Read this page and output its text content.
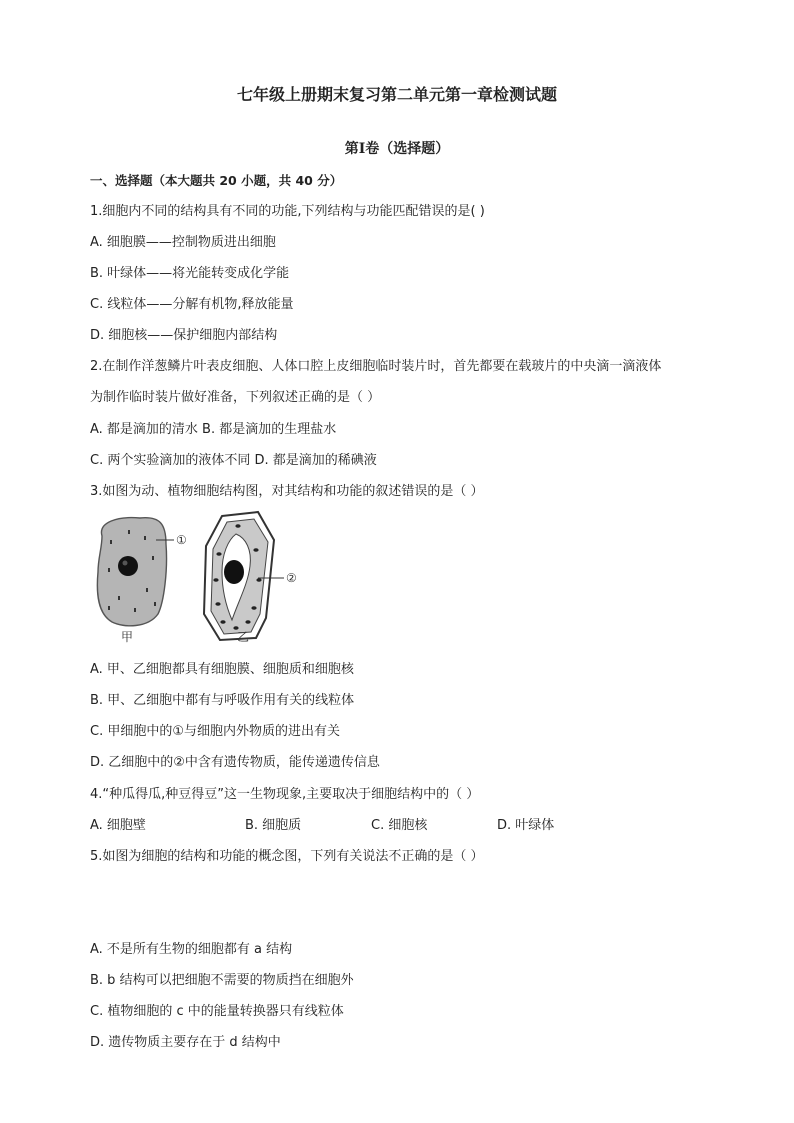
七年级上册期末复习第二单元第一章检测试题
第Ⅰ卷（选择题）
一、选择题（本大题共 20 小题，共 40 分）
1.细胞内不同的结构具有不同的功能,下列结构与功能匹配错误的是( )
A. 细胞膜——控制物质进出细胞
B. 叶绿体——将光能转变成化学能
C. 线粒体——分解有机物,释放能量
D. 细胞核——保护细胞内部结构
2.在制作洋葱鳞片叶表皮细胞、人体口腔上皮细胞临时装片时，首先都要在载玻片的中央滴一滴液体
为制作临时装片做好准备，下列叙述正确的是（ ）
A. 都是滴加的清水 B. 都是滴加的生理盐水
C. 两个实验滴加的液体不同 D. 都是滴加的稀碘液
3.如图为动、植物细胞结构图，对其结构和功能的叙述错误的是（ ）
①
②
甲	乙
A. 甲、乙细胞都具有细胞膜、细胞质和细胞核
B. 甲、乙细胞中都有与呼吸作用有关的线粒体
C. 甲细胞中的①与细胞内外物质的进出有关
D. 乙细胞中的②中含有遗传物质，能传递遗传信息
4.“种瓜得瓜,种豆得豆”这一生物现象,主要取决于细胞结构中的（ ）
A. 细胞壁	B. 细胞质	C. 细胞核	D. 叶绿体
5.如图为细胞的结构和功能的概念图，下列有关说法不正确的是（ ）
A. 不是所有生物的细胞都有 a 结构
B. b 结构可以把细胞不需要的物质挡在细胞外
C. 植物细胞的 c 中的能量转换器只有线粒体
D. 遗传物质主要存在于 d 结构中
